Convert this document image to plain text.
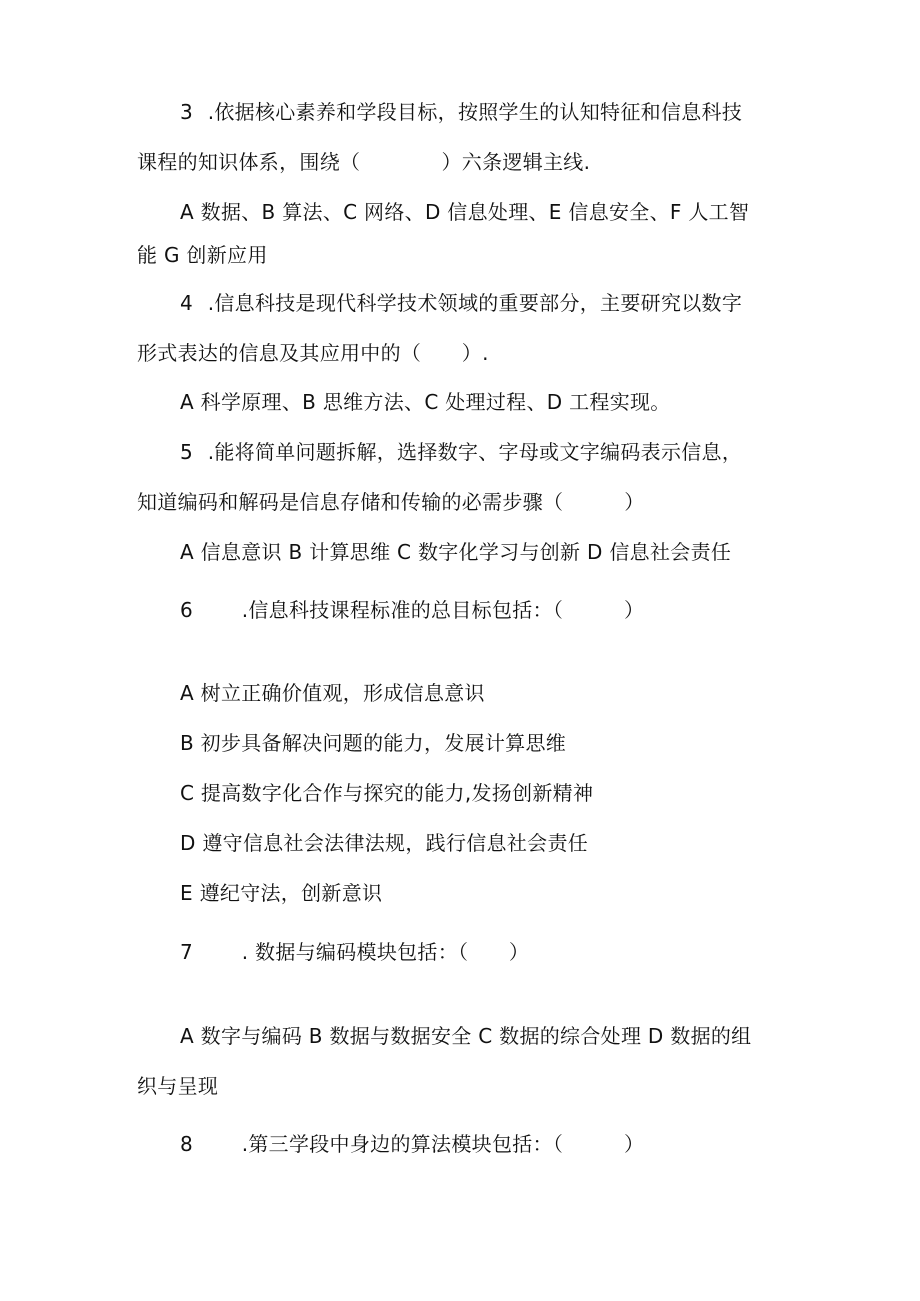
3 .依据核心素养和学段目标，按照学生的认知特征和信息科技
课程的知识体系，围绕（　　　　）六条逻辑主线.
A 数据、B 算法、C 网络、D 信息处理、E 信息安全、F 人工智
能 G 创新应用
4 .信息科技是现代科学技术领域的重要部分，主要研究以数字
形式表达的信息及其应用中的（　　）.
A 科学原理、B 思维方法、C 处理过程、D 工程实现。
5 .能将简单问题拆解，选择数字、字母或文字编码表示信息，
知道编码和解码是信息存储和传输的必需步骤（　　　）
A 信息意识 B 计算思维 C 数字化学习与创新 D 信息社会责任
6 .信息科技课程标准的总目标包括：（　　　）
A 树立正确价值观，形成信息意识
B 初步具备解决问题的能力，发展计算思维
C 提高数字化合作与探究的能力,发扬创新精神
D 遵守信息社会法律法规，践行信息社会责任
E 遵纪守法，创新意识
7 . 数据与编码模块包括：（　　）
A 数字与编码 B 数据与数据安全 C 数据的综合处理 D 数据的组
织与呈现
8 .第三学段中身边的算法模块包括：（　　　）
